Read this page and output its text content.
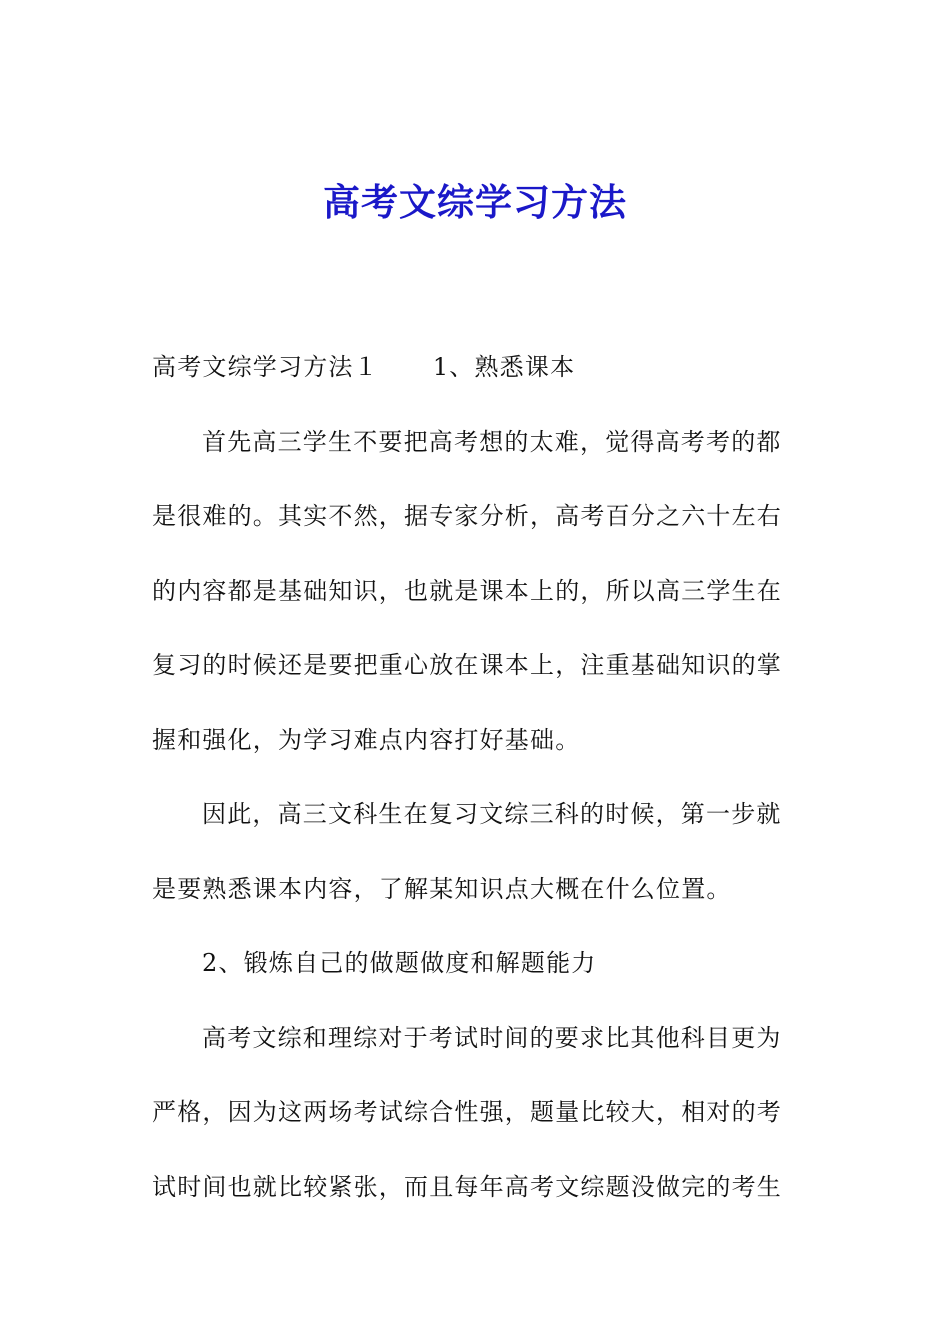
高考文综学习方法
高考文综学习方法１ 1、熟悉课本
首先高三学生不要把高考想的太难，觉得高考考的都
是很难的。其实不然，据专家分析，高考百分之六十左右
的内容都是基础知识，也就是课本上的，所以高三学生在
复习的时候还是要把重心放在课本上，注重基础知识的掌
握和强化，为学习难点内容打好基础。
因此，高三文科生在复习文综三科的时候，第一步就
是要熟悉课本内容，了解某知识点大概在什么位置。
2、锻炼自己的做题做度和解题能力
高考文综和理综对于考试时间的要求比其他科目更为
严格，因为这两场考试综合性强，题量比较大，相对的考
试时间也就比较紧张，而且每年高考文综题没做完的考生
